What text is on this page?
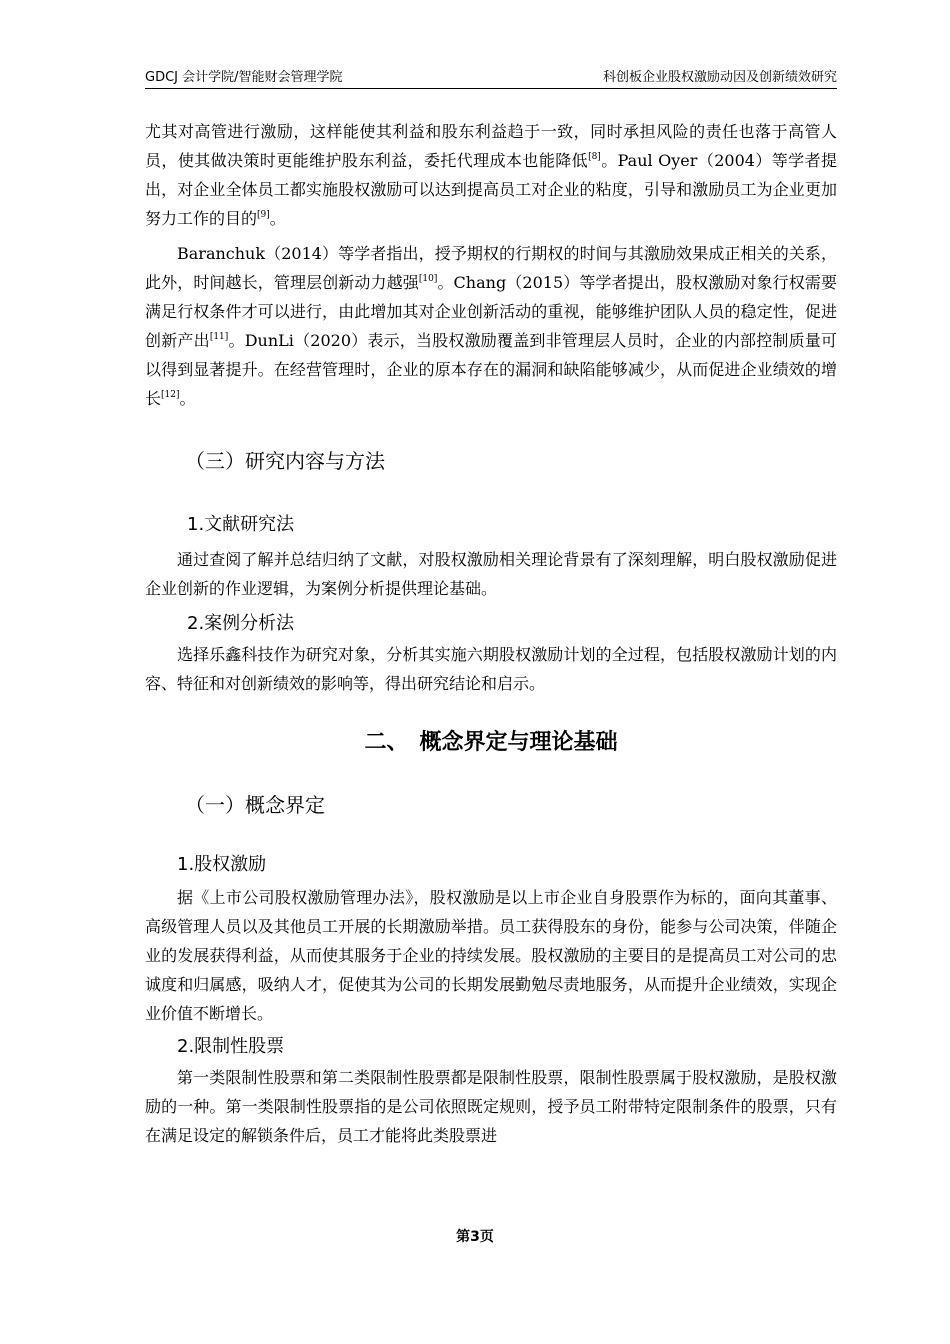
GDCJ 会计学院/智能财会管理学院	科创板企业股权激励动因及创新绩效研究

尤其对高管进行激励，这样能使其利益和股东利益趋于一致，同时承担风险的责任也落于高管人员，使其做决策时更能维护股东利益，委托代理成本也能降低[8]。Paul Oyer（2004）等学者提出，对企业全体员工都实施股权激励可以达到提高员工对企业的粘度，引导和激励员工为企业更加努力工作的目的[9]。

Baranchuk（2014）等学者指出，授予期权的行期权的时间与其激励效果成正相关的关系，此外，时间越长，管理层创新动力越强[10]。Chang（2015）等学者提出，股权激励对象行权需要满足行权条件才可以进行，由此增加其对企业创新活动的重视，能够维护团队人员的稳定性，促进创新产出[11]。DunLi（2020）表示，当股权激励覆盖到非管理层人员时，企业的内部控制质量可以得到显著提升。在经营管理时，企业的原本存在的漏洞和缺陷能够减少，从而促进企业绩效的增长[12]。

（三）研究内容与方法
1.文献研究法

通过查阅了解并总结归纳了文献，对股权激励相关理论背景有了深刻理解，明白股权激励促进企业创新的作业逻辑，为案例分析提供理论基础。

2.案例分析法

选择乐鑫科技作为研究对象，分析其实施六期股权激励计划的全过程，包括股权激励计划的内容、特征和对创新绩效的影响等，得出研究结论和启示。

二、　概念界定与理论基础
（一）概念界定
1.股权激励

据《上市公司股权激励管理办法》，股权激励是以上市企业自身股票作为标的，面向其董事、高级管理人员以及其他员工开展的长期激励举措。员工获得股东的身份，能参与公司决策，伴随企业的发展获得利益，从而使其服务于企业的持续发展。股权激励的主要目的是提高员工对公司的忠诚度和归属感，吸纳人才，促使其为公司的长期发展勤勉尽责地服务，从而提升企业绩效，实现企业价值不断增长。

2.限制性股票

第一类限制性股票和第二类限制性股票都是限制性股票，限制性股票属于股权激励，是股权激励的一种。第一类限制性股票指的是公司依照既定规则，授予员工附带特定限制条件的股票，只有在满足设定的解锁条件后，员工才能将此类股票进

第3页
